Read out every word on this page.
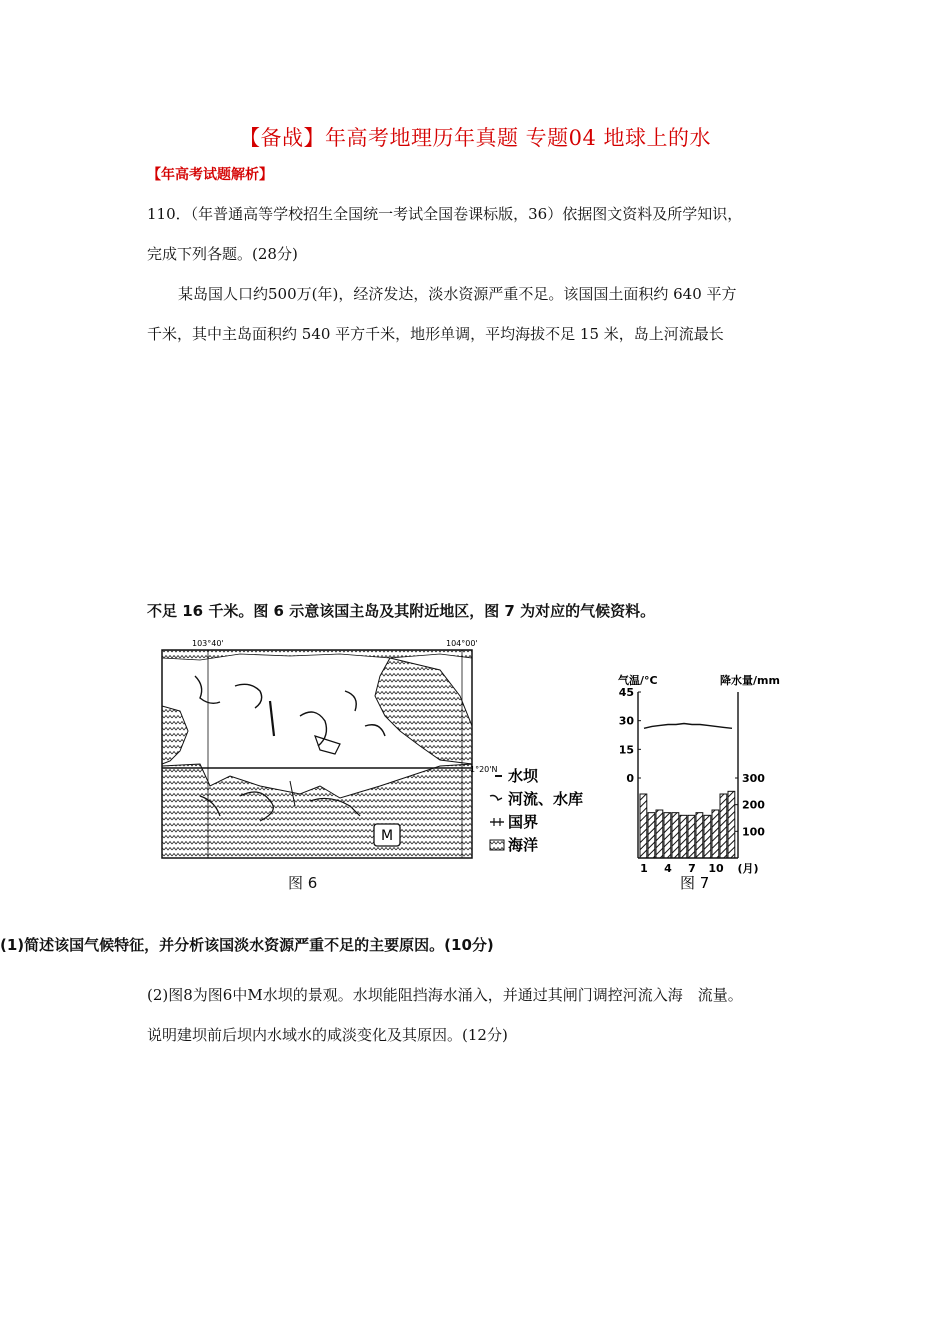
【备战】年高考地理历年真题 专题04 地球上的水
【年高考试题解析】
110．（年普通高等学校招生全国统一考试全国卷课标版，36）依据图文资料及所学知识，
完成下列各题。(28分)
某岛国人口约500万(年)，经济发达，淡水资源严重不足。该国国土面积约 640 平方
千米，其中主岛面积约 540 平方千米，地形单调，平均海拔不足 15 米，岛上河流最长
不足 16 千米。图 6 示意该国主岛及其附近地区，图 7 为对应的气候资料。
103°40'	104°00'
1°20'N
M
水坝
河流、水库
国界
海洋
图 6
气温/°C	降水量/mm
45
30
15
0	300
200
100
1 4 7 10 (月)
图 7
(1)简述该国气候特征，并分析该国淡水资源严重不足的主要原因。(10分)
(2)图8为图6中M水坝的景观。水坝能阻挡海水涌入，并通过其闸门调控河流入海　流量。
说明建坝前后坝内水域水的咸淡变化及其原因。(12分)
